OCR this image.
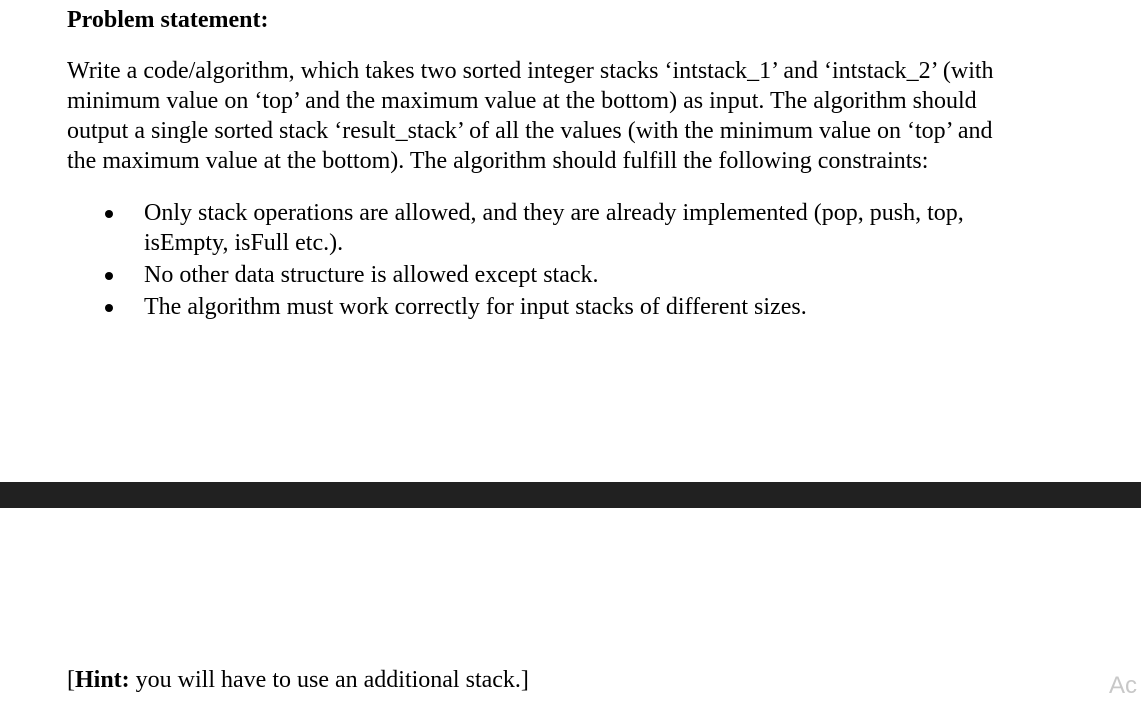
Problem statement:

Write a code/algorithm, which takes two sorted integer stacks ‘intstack_1’ and ‘intstack_2’ (with
minimum value on ‘top’ and the maximum value at the bottom) as input. The algorithm should
output a single sorted stack ‘result_stack’ of all the values (with the minimum value on ‘top’ and
the maximum value at the bottom). The algorithm should fulfill the following constraints:

Only stack operations are allowed, and they are already implemented (pop, push, top,
isEmpty, isFull etc.).
No other data structure is allowed except stack.
The algorithm must work correctly for input stacks of different sizes.
[Hint: you will have to use an additional stack.]	Ac
